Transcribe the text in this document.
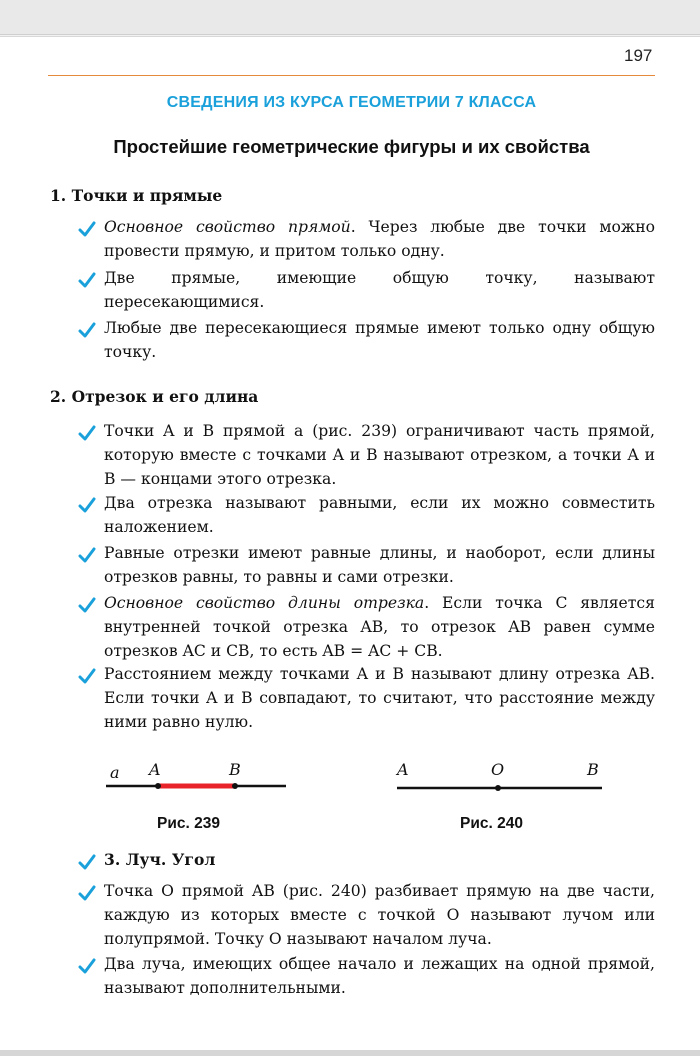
197
СВЕДЕНИЯ ИЗ КУРСА ГЕОМЕТРИИ 7 КЛАССА
Простейшие геометрические фигуры и их свойства
1. Точки и прямые
Основное свойство прямой. Через любые две точки можно провести прямую, и притом только одну.
Две прямые, имеющие общую точку, называют пересекающимися.
Любые две пересекающиеся прямые имеют только одну общую точку.
2. Отрезок и его длина
Точки A и B прямой a (рис. 239) ограничивают часть прямой, которую вместе с точками A и B называют отрезком, а точки A и B — концами этого отрезка.
Два отрезка называют равными, если их можно совместить наложением.
Равные отрезки имеют равные длины, и наоборот, если длины отрезков равны, то равны и сами отрезки.
Основное свойство длины отрезка. Если точка C является внутренней точкой отрезка AB, то отрезок AB равен сумме отрезков AC и CB, то есть AB = AC + CB.
Расстоянием между точками A и B называют длину отрезка AB. Если точки A и B совпадают, то считают, что расстояние между ними равно нулю.
a A	B
Рис. 239
A	O	B
Рис. 240
3. Луч. Угол
Точка O прямой AB (рис. 240) разбивает прямую на две части, каждую из которых вместе с точкой O называют лучом или полупрямой. Точку O называют началом луча.
Два луча, имеющих общее начало и лежащих на одной прямой, называют дополнительными.
